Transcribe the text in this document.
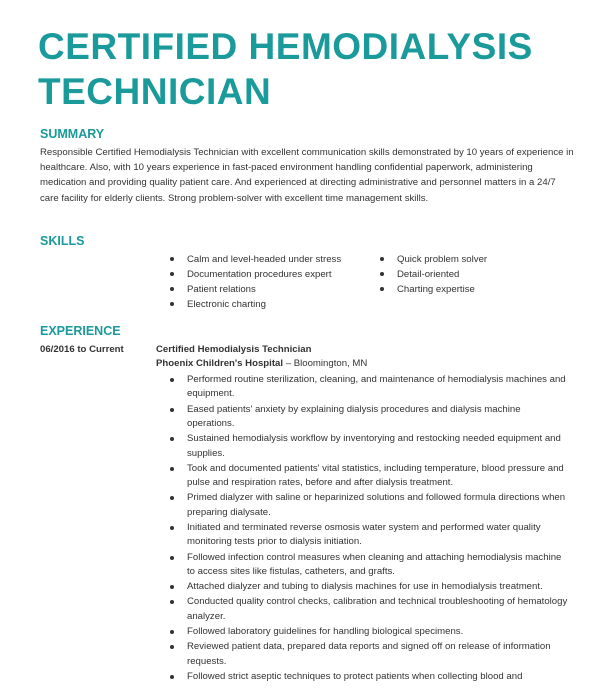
CERTIFIED HEMODIALYSIS
TECHNICIAN
SUMMARY
Responsible Certified Hemodialysis Technician with excellent communication skills demonstrated by 10 years of experience in healthcare. Also, with 10 years experience in fast-paced environment handling confidential paperwork, administering medication and providing quality patient care. And experienced at directing administrative and personnel matters in a 24/7 care facility for elderly clients. Strong problem-solver with excellent time management skills.
SKILLS
Calm and level-headed under stress
Documentation procedures expert
Patient relations
Electronic charting
Quick problem solver
Detail-oriented
Charting expertise
EXPERIENCE
06/2016 to Current	Certified Hemodialysis Technician
Phoenix Children's Hospital – Bloomington, MN
Performed routine sterilization, cleaning, and maintenance of hemodialysis machines and equipment.
Eased patients' anxiety by explaining dialysis procedures and dialysis machine operations.
Sustained hemodialysis workflow by inventorying and restocking needed equipment and supplies.
Took and documented patients' vital statistics, including temperature, blood pressure and pulse and respiration rates, before and after dialysis treatment.
Primed dialyzer with saline or heparinized solutions and followed formula directions when preparing dialysate.
Initiated and terminated reverse osmosis water system and performed water quality monitoring tests prior to dialysis initiation.
Followed infection control measures when cleaning and attaching hemodialysis machine to access sites like fistulas, catheters, and grafts.
Attached dialyzer and tubing to dialysis machines for use in hemodialysis treatment.
Conducted quality control checks, calibration and technical troubleshooting of hematology analyzer.
Followed laboratory guidelines for handling biological specimens.
Reviewed patient data, prepared data reports and signed off on release of information requests.
Followed strict aseptic techniques to protect patients when collecting blood and
